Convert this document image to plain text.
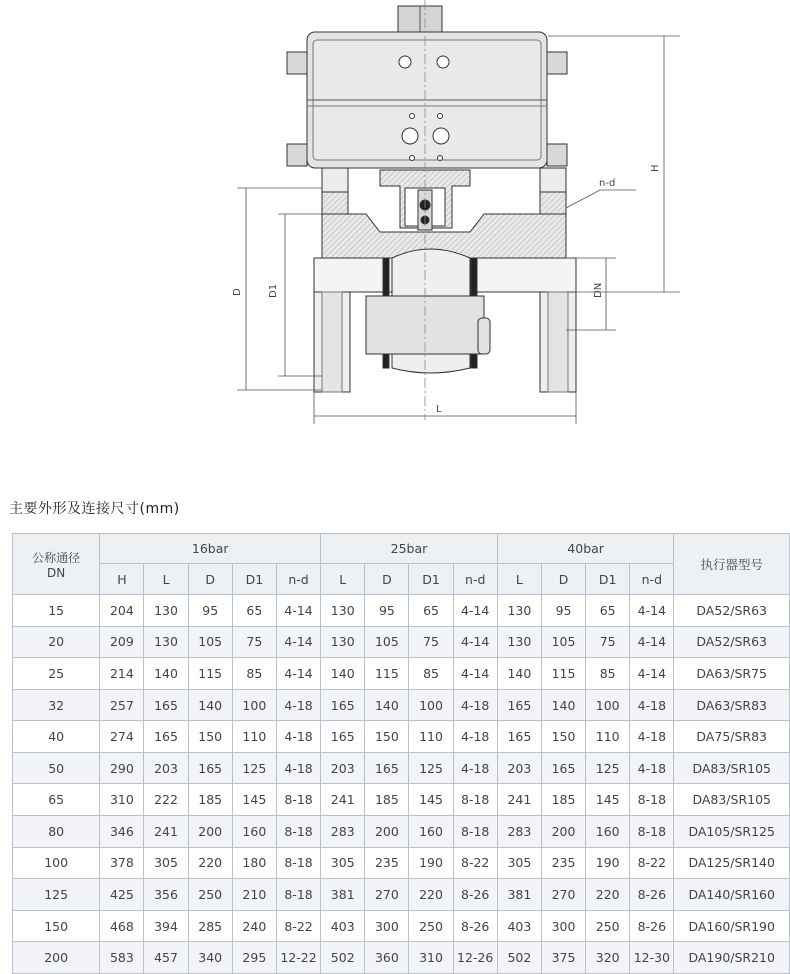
n-d
H
D	D1	DN
L
主要外形及连接尺寸(mm)
公称通径
DN	16bar					25bar				40bar				执行器型号
	H	L	D	D1	n-d	L	D	D1	n-d	L	D	D1	n-d	
15	204	130	95	65	4-14	130	95	65	4-14	130	95	65	4-14	DA52/SR63
20	209	130	105	75	4-14	130	105	75	4-14	130	105	75	4-14	DA52/SR63
25	214	140	115	85	4-14	140	115	85	4-14	140	115	85	4-14	DA63/SR75
32	257	165	140	100	4-18	165	140	100	4-18	165	140	100	4-18	DA63/SR83
40	274	165	150	110	4-18	165	150	110	4-18	165	150	110	4-18	DA75/SR83
50	290	203	165	125	4-18	203	165	125	4-18	203	165	125	4-18	DA83/SR105
65	310	222	185	145	8-18	241	185	145	8-18	241	185	145	8-18	DA83/SR105
80	346	241	200	160	8-18	283	200	160	8-18	283	200	160	8-18	DA105/SR125
100	378	305	220	180	8-18	305	235	190	8-22	305	235	190	8-22	DA125/SR140
125	425	356	250	210	8-18	381	270	220	8-26	381	270	220	8-26	DA140/SR160
150	468	394	285	240	8-22	403	300	250	8-26	403	300	250	8-26	DA160/SR190
200	583	457	340	295	12-22	502	360	310	12-26	502	375	320	12-30	DA190/SR210
